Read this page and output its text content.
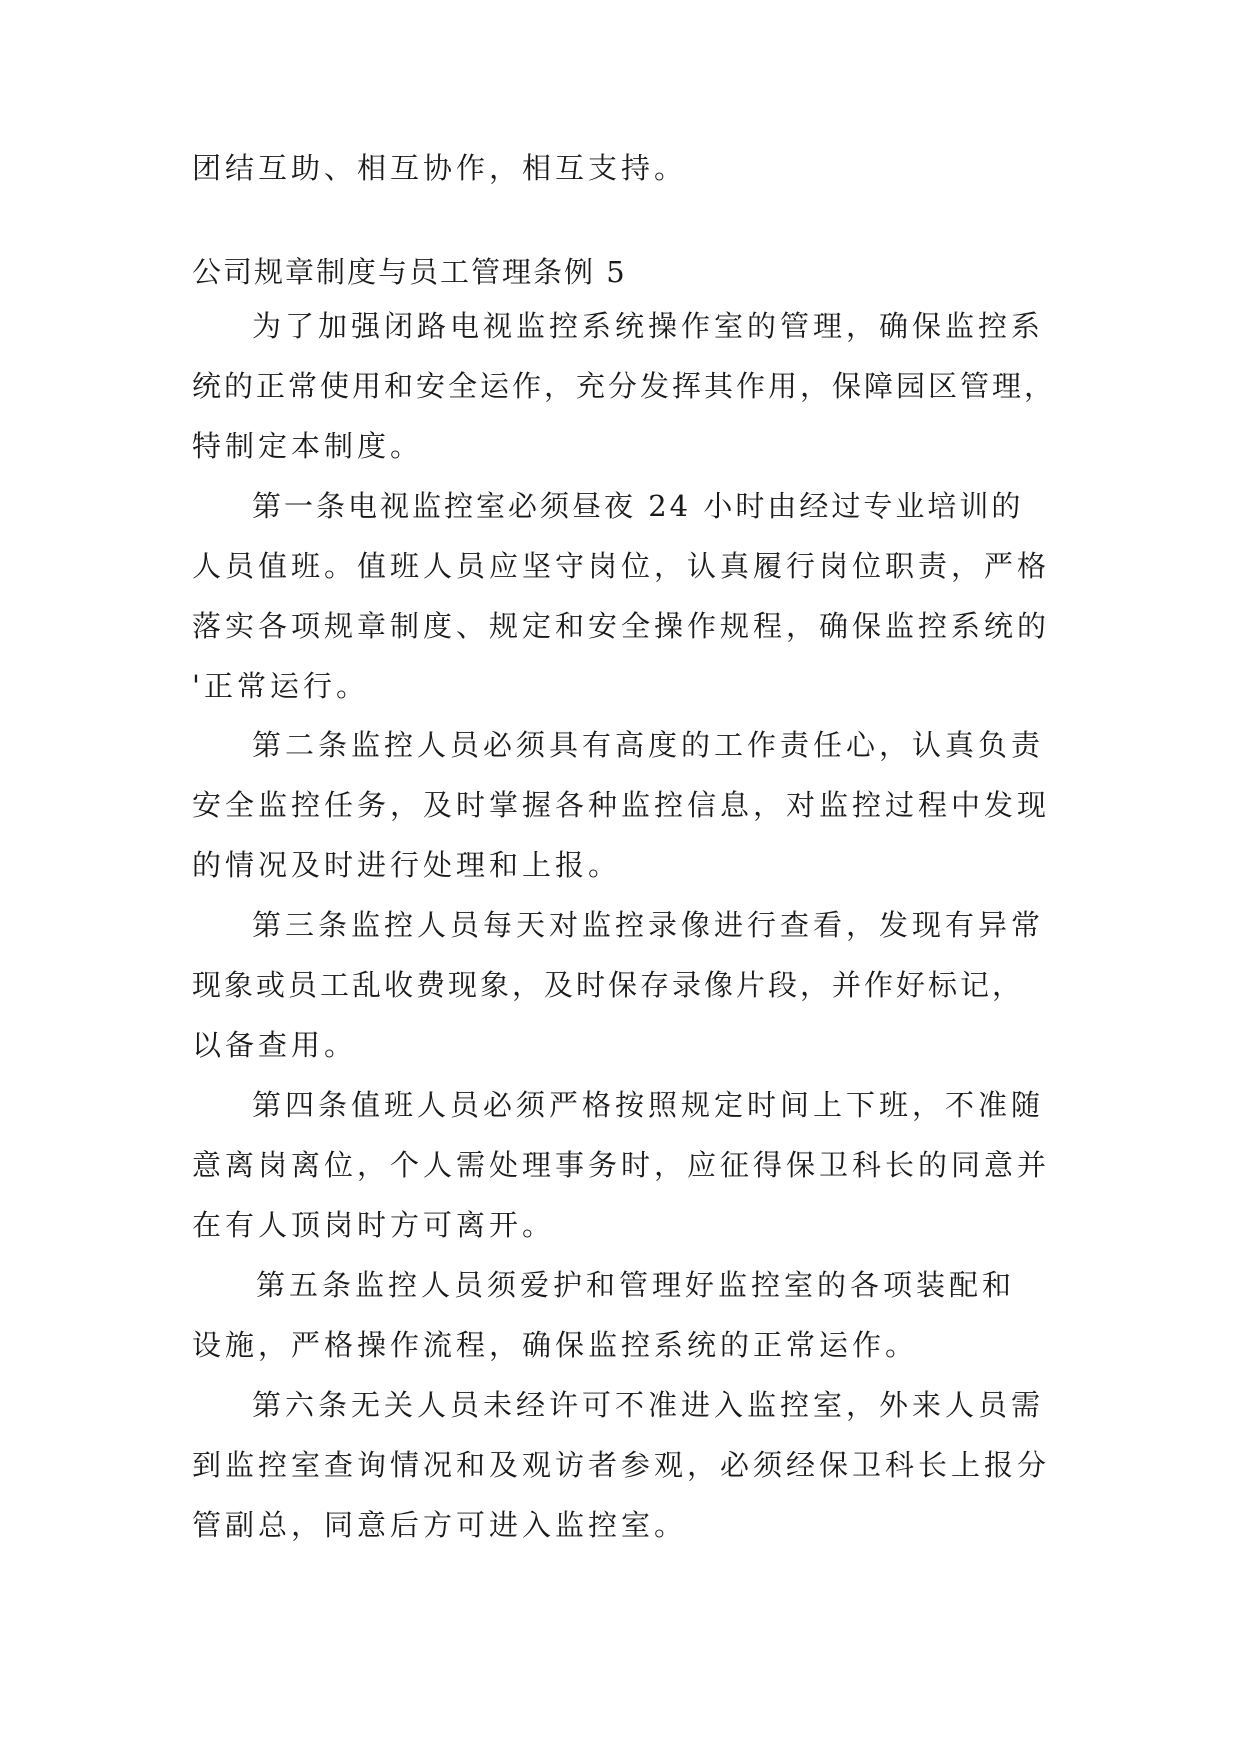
团结互助、相互协作，相互支持。
公司规章制度与员工管理条例 5
为了加强闭路电视监控系统操作室的管理，确保监控系
统的正常使用和安全运作，充分发挥其作用，保障园区管理，
特制定本制度。
第一条电视监控室必须昼夜 24 小时由经过专业培训的
人员值班。值班人员应坚守岗位，认真履行岗位职责，严格
落实各项规章制度、规定和安全操作规程，确保监控系统的
'正常运行。
第二条监控人员必须具有高度的工作责任心，认真负责
安全监控任务，及时掌握各种监控信息，对监控过程中发现
的情况及时进行处理和上报。
第三条监控人员每天对监控录像进行查看，发现有异常
现象或员工乱收费现象，及时保存录像片段，并作好标记，
以备查用。
第四条值班人员必须严格按照规定时间上下班，不准随
意离岗离位，个人需处理事务时，应征得保卫科长的同意并
在有人顶岗时方可离开。
第五条监控人员须爱护和管理好监控室的各项装配和
设施，严格操作流程，确保监控系统的正常运作。
第六条无关人员未经许可不准进入监控室，外来人员需
到监控室查询情况和及观访者参观，必须经保卫科长上报分
管副总，同意后方可进入监控室。
